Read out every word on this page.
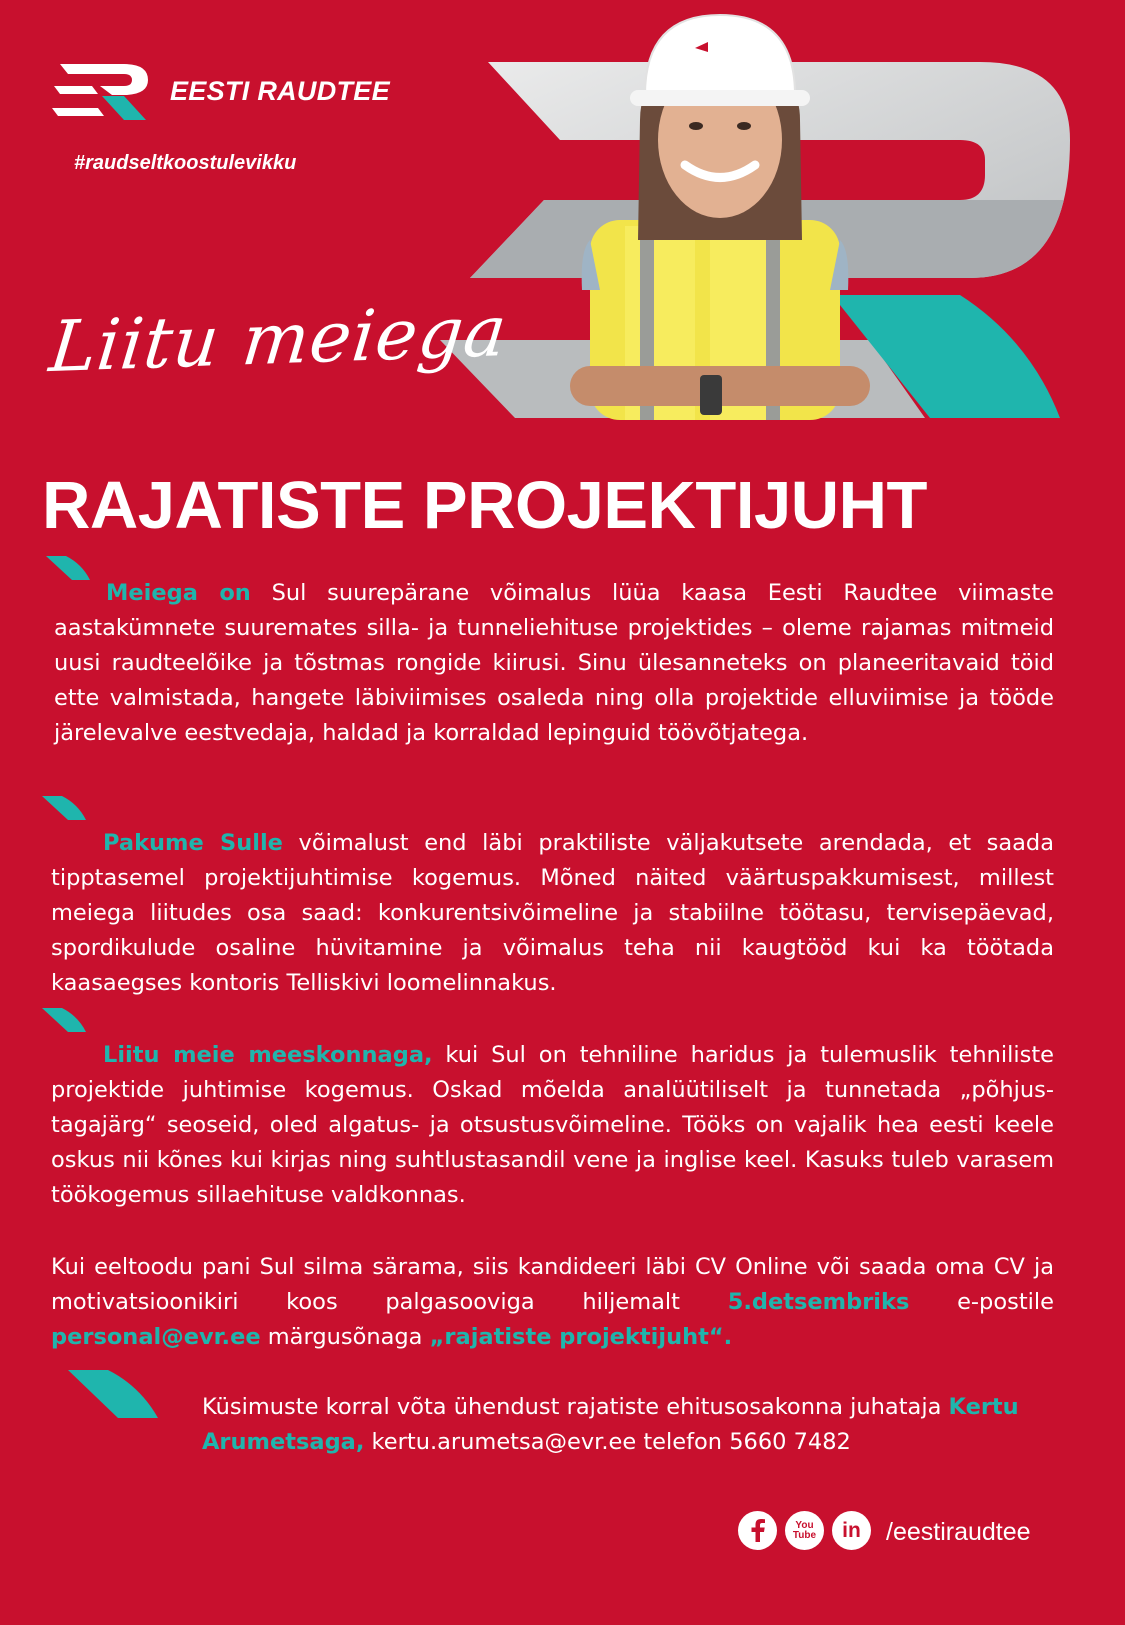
EESTI RAUDTEE
#raudseltkoostulevikku
Liitu meiega
RAJATISTE PROJEKTIJUHT

Meiega on Sul suurepärane võimalus lüüa kaasa Eesti Raudtee viimaste aastakümnete suuremates silla- ja tunneliehituse projektides – oleme rajamas mitmeid uusi raudteelõike ja tõstmas rongide kiirusi. Sinu ülesanneteks on planeeritavaid töid ette valmistada, hangete läbiviimises osaleda ning olla projektide elluviimise ja tööde järelevalve eestvedaja, haldad ja korraldad lepinguid töövõtjatega.

Pakume Sulle võimalust end läbi praktiliste väljakutsete arendada, et saada tipptasemel projektijuhtimise kogemus. Mõned näited väärtuspakkumisest, millest meiega liitudes osa saad: konkurentsivõimeline ja stabiilne töötasu, tervisepäevad, spordikulude osaline hüvitamine ja võimalus teha nii kaugtööd kui ka töötada kaasaegses kontoris Telliskivi loomelinnakus.

Liitu meie meeskonnaga, kui Sul on tehniline haridus ja tulemuslik tehniliste projektide juhtimise kogemus. Oskad mõelda analüütiliselt ja tunnetada „põhjus-tagajärg“ seoseid, oled algatus- ja otsustusvõimeline. Tööks on vajalik hea eesti keele oskus nii kõnes kui kirjas ning suhtlustasandil vene ja inglise keel. Kasuks tuleb varasem töökogemus sillaehituse valdkonnas.

Kui eeltoodu pani Sul silma särama, siis kandideeri läbi CV Online või saada oma CV ja motivatsioonikiri koos palgasooviga hiljemalt 5.detsembriks e-postile personal@evr.ee märgusõnaga „rajatiste projektijuht“.

Küsimuste korral võta ühendust rajatiste ehitusosakonna juhataja Kertu Arumetsaga, kertu.arumetsa@evr.ee telefon 5660 7482

You Tube in /eestiraudtee
